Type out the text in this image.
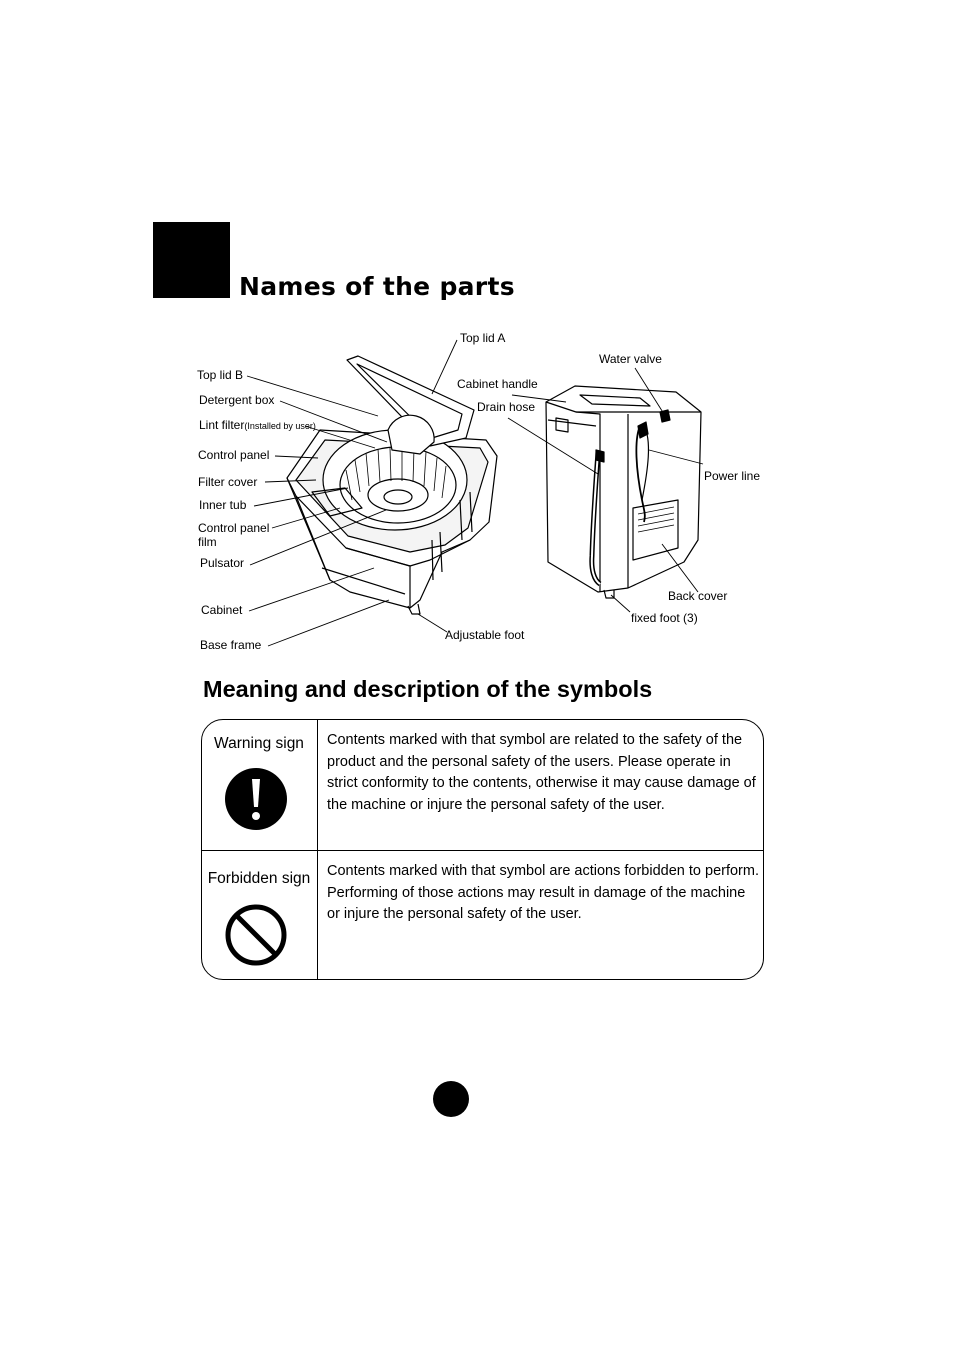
Names of the parts
Top lid A
Water valve
Cabinet handle
Drain hose
Top lid B
Detergent box
Lint filter(Installed by user)
Control panel
Filter cover
Inner tub
Control panel
film
Pulsator
Cabinet
Base frame
Adjustable foot
Power line
Back cover
fixed foot (3)
Meaning and description of the symbols
Warning sign	Contents marked with that symbol are related to the safety of the product and the personal safety of the users. Please operate in strict conformity to the contents, otherwise it may cause damage of the machine or injure the personal safety of the user.
Forbidden sign	Contents marked with that symbol are actions forbidden to perform. Performing of those actions may result in damage of the machine or injure the personal safety of the user.
